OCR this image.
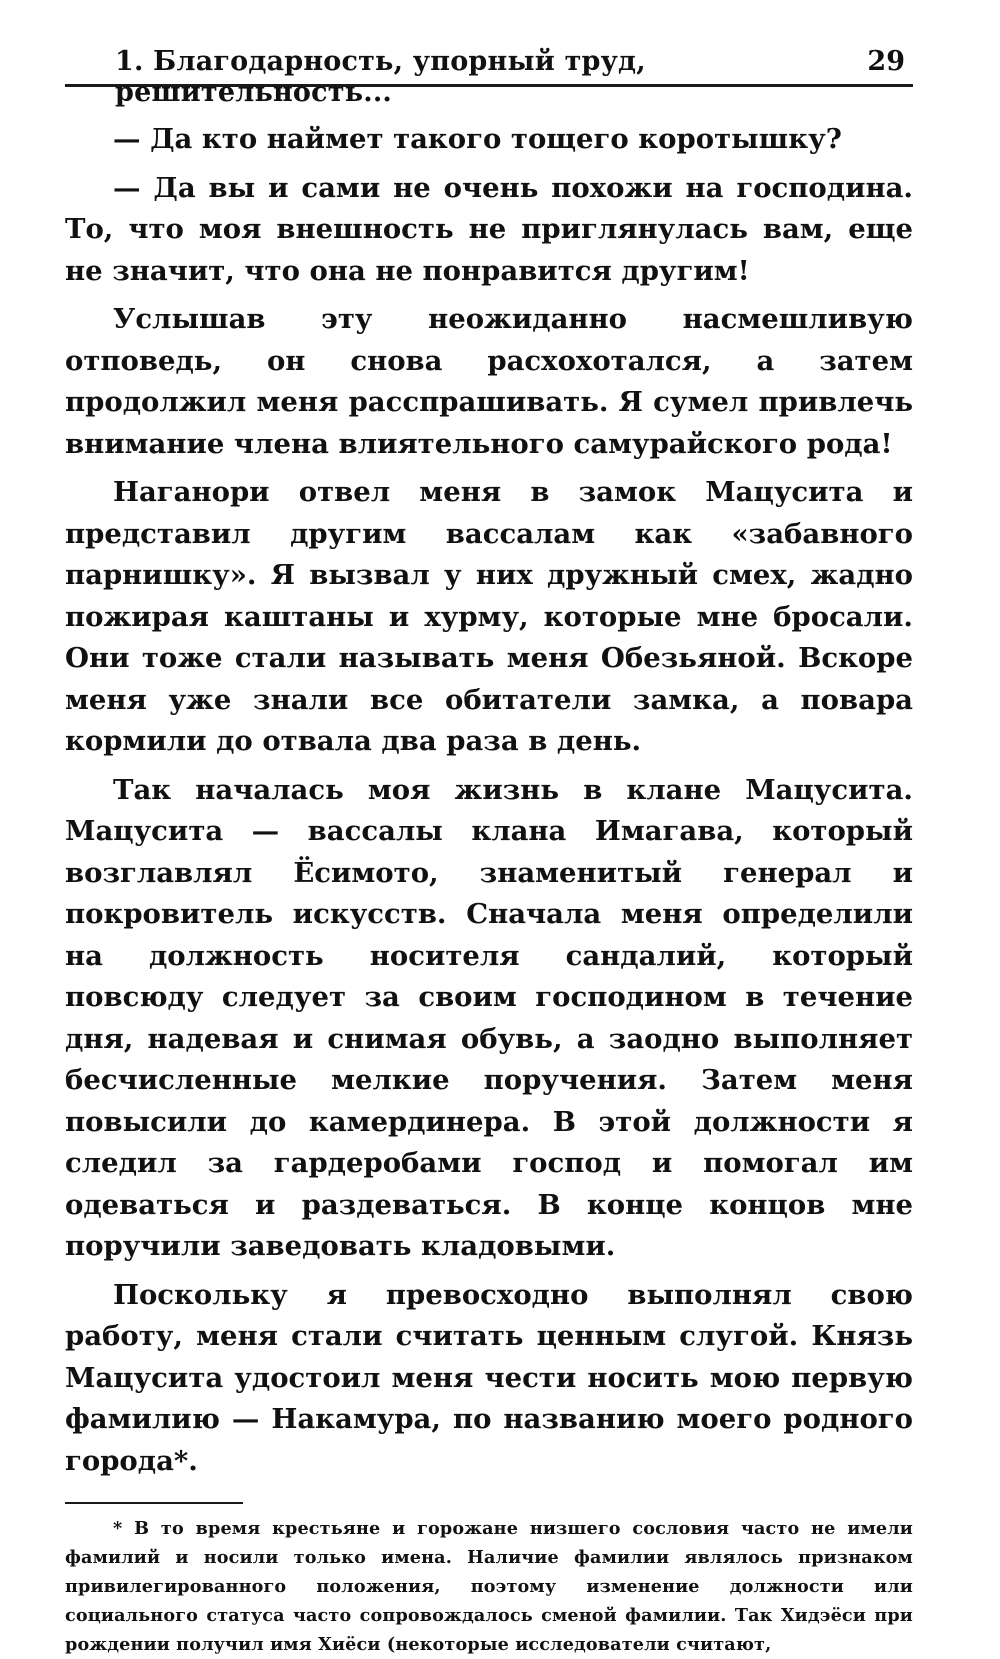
1. Благодарность, упорный труд, решительность...
29

— Да кто наймет такого тощего коротышку?

— Да вы и сами не очень похожи на господина. То, что моя внешность не приглянулась вам, еще не значит, что она не понравится другим!

Услышав эту неожиданно насмешливую отповедь, он снова расхохотался, а затем продолжил меня расспрашивать. Я сумел привлечь внимание члена влиятельного самурайского рода!

Наганори отвел меня в замок Мацусита и представил другим вассалам как «забавного парнишку». Я вызвал у них дружный смех, жадно пожирая каштаны и хурму, которые мне бросали. Они тоже стали называть меня Обезьяной. Вскоре меня уже знали все обитатели замка, а повара кормили до отвала два раза в день.

Так началась моя жизнь в клане Мацусита. Мацусита — вассалы клана Имагава, который возглавлял Ёсимото, знаменитый генерал и покровитель искусств. Сначала меня определили на должность носителя сандалий, который повсюду следует за своим господином в течение дня, надевая и снимая обувь, а заодно выполняет бесчисленные мелкие поручения. Затем меня повысили до камердинера. В этой должности я следил за гардеробами господ и помогал им одеваться и раздеваться. В конце концов мне поручили заведовать кладовыми.

Поскольку я превосходно выполнял свою работу, меня стали считать ценным слугой. Князь Мацусита удостоил меня чести носить мою первую фамилию — Накамура, по названию моего родного города*.

* В то время крестьяне и горожане низшего сословия часто не имели фамилий и носили только имена. Наличие фамилии являлось признаком привилегированного положения, поэтому изменение должности или социального статуса часто сопровождалось сменой фамилии. Так Хидэёси при рождении получил имя Хиёси (некоторые исследователи считают,
